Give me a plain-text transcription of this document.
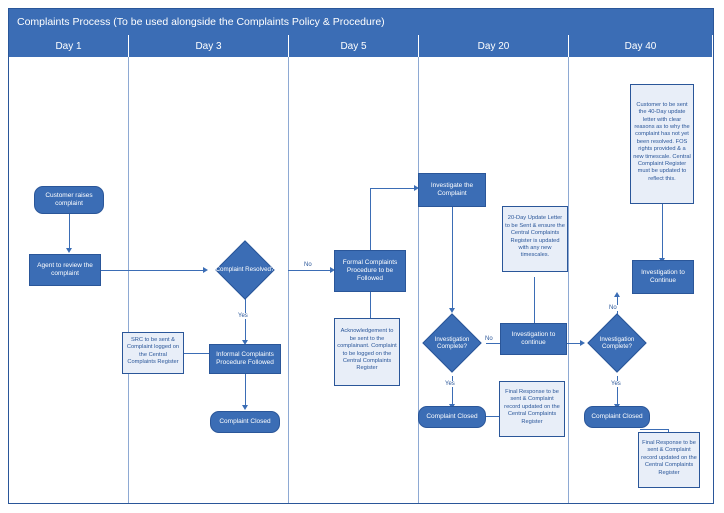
Complaints Process (To be used alongside the Complaints Policy & Procedure)
Day 1	Day 3	Day 5	Day 20	Day 40
No
Yes
No
Yes
No
Yes
Customer raises complaint
Agent to review the complaint
Complaint Resolved?
Informal Complaints Procedure Followed
Complaint Closed
SRC to be sent & Complaint logged on the Central Complaints Register
Formal Complaints Procedure to be Followed
Acknowledgement to be sent to the complainant. Complaint to be logged on the Central Complaints Register
Investigate the Complaint
Investigation Complete?
Investigation to continue
20-Day Update Letter to be Sent & ensure the Central Complaints Register is updated with any new timescales.
Complaint Closed
Final Response to be sent & Complaint record updated on the Central Complaints Register
Customer to be sent the 40-Day update letter with clear reasons as to why the complaint has not yet been resolved. FOS rights provided & a new timescale. Central Complaint Register must be updated to reflect this.
Investigation to Continue
Investigation Complete?
Complaint Closed
Final Response to be sent & Complaint record updated on the Central Complaints Register
